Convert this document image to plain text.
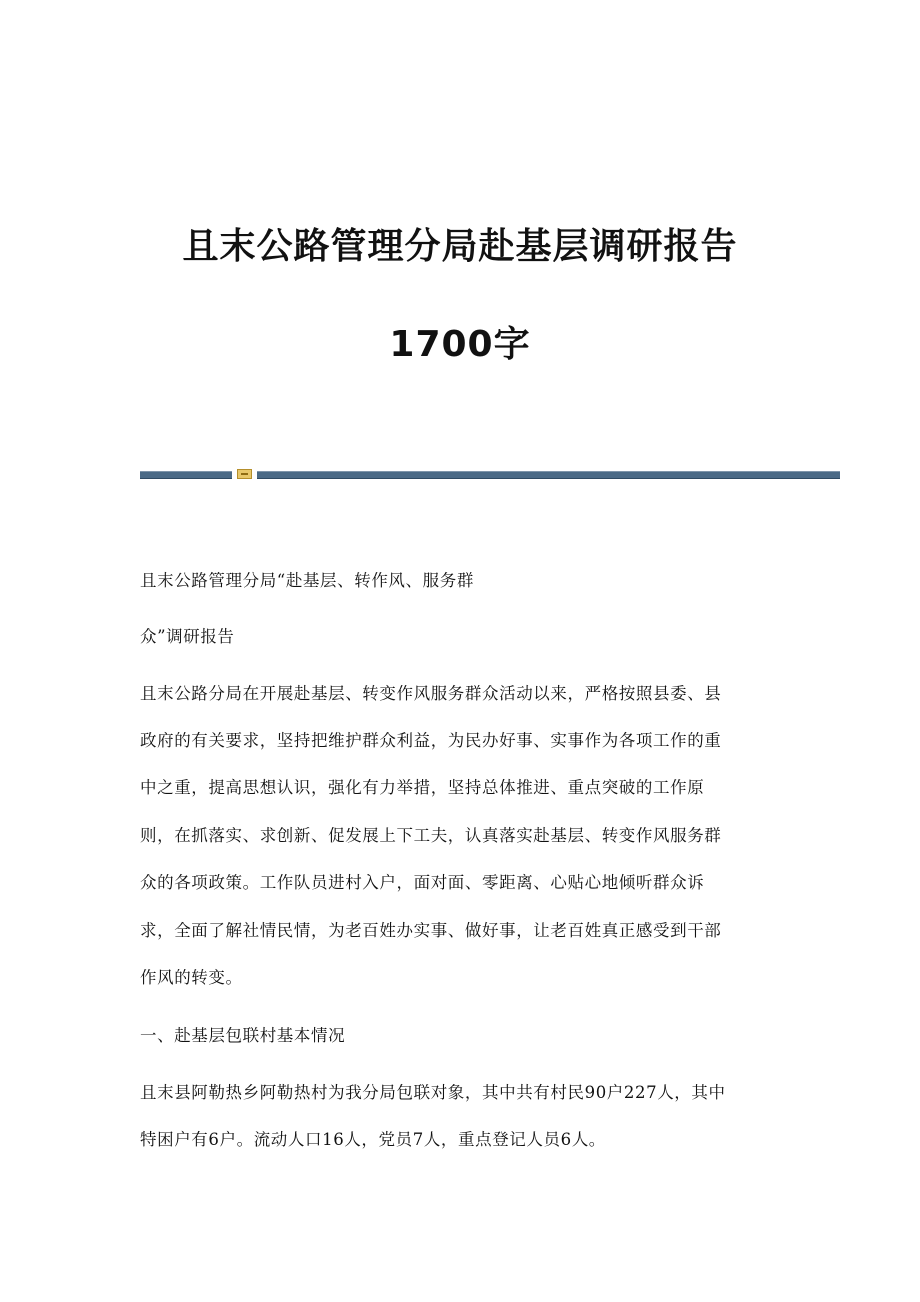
且末公路管理分局赴基层调研报告
1700字
且末公路管理分局“赴基层、转作风、服务群
众”调研报告
且末公路分局在开展赴基层、转变作风服务群众活动以来，严格按照县委、县
政府的有关要求，坚持把维护群众利益，为民办好事、实事作为各项工作的重
中之重，提高思想认识，强化有力举措，坚持总体推进、重点突破的工作原
则，在抓落实、求创新、促发展上下工夫，认真落实赴基层、转变作风服务群
众的各项政策。工作队员进村入户，面对面、零距离、心贴心地倾听群众诉
求，全面了解社情民情，为老百姓办实事、做好事，让老百姓真正感受到干部
作风的转变。
一、赴基层包联村基本情况
且末县阿勒热乡阿勒热村为我分局包联对象，其中共有村民90户227人，其中
特困户有6户。流动人口16人，党员7人，重点登记人员6人。
